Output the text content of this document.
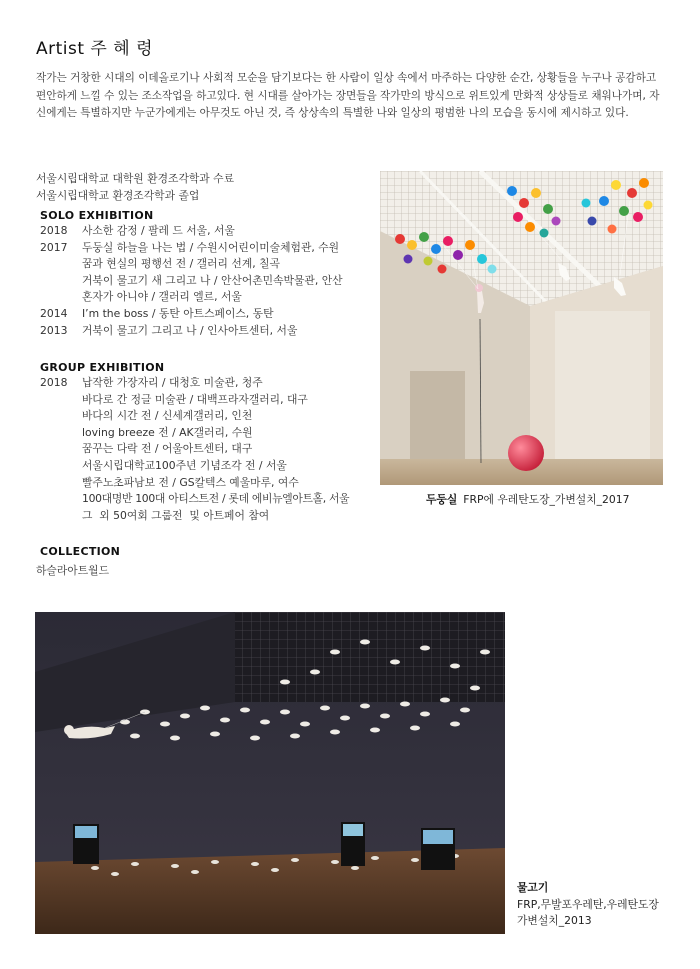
Artist 주 혜 령
작가는 거창한 시대의 이데올로기나 사회적 모순을 담기보다는 한 사람이 일상 속에서 마주하는 다양한 순간, 상황들을 누구나 공감하고 편안하게 느낄 수 있는 조소작업을 하고있다. 현 시대를 살아가는 장면들을 작가만의 방식으로 위트있게 만화적 상상들로 채워나가며, 자신에게는 특별하지만 누군가에게는 아무것도 아닌 것, 즉 상상속의 특별한 나와 일상의 평범한 나의 모습을 동시에 제시하고 있다.
서울시립대학교 대학원 환경조각학과 수료
서울시립대학교 환경조각학과 졸업
SOLO EXHIBITION
2018	사소한 감정 / 팔레 드 서울, 서울
2017	두둥실 하늘을 나는 법 / 수원시어린이미술체험관, 수원
꿈과 현실의 평행선 전 / 갤러리 선계, 칠곡
거북이 물고기 새 그리고 나 / 안산어촌민속박물관, 안산
혼자가 아니야 / 갤러리 엘르, 서울
2014	I’m the boss / 동탄 아트스페이스, 동탄
2013	거북이 물고기 그리고 나 / 인사아트센터, 서울
GROUP EXHIBITION
2018	납작한 가장자리 / 대청호 미술관, 청주
바다로 간 정글 미술관 / 대백프라자갤러리, 대구
바다의 시간 전 / 신세계갤러리, 인천
loving breeze 전 / AK갤러리, 수원
꿈꾸는 다락 전 / 어울아트센터, 대구
서울시립대학교100주년 기념조각 전 / 서울
빨주노초파남보 전 / GS칼텍스 예울마루, 여수
100대명반 100대 아티스트전 / 롯데 에비뉴엘아트홀, 서울
그  외 50여회 그룹전  및 아트페어 참여
COLLECTION
하슬라아트월드
두둥실 FRP에 우레탄도장_가변설치_2017
물고기
FRP,무발포우레탄,우레탄도장
가변설치_2013
